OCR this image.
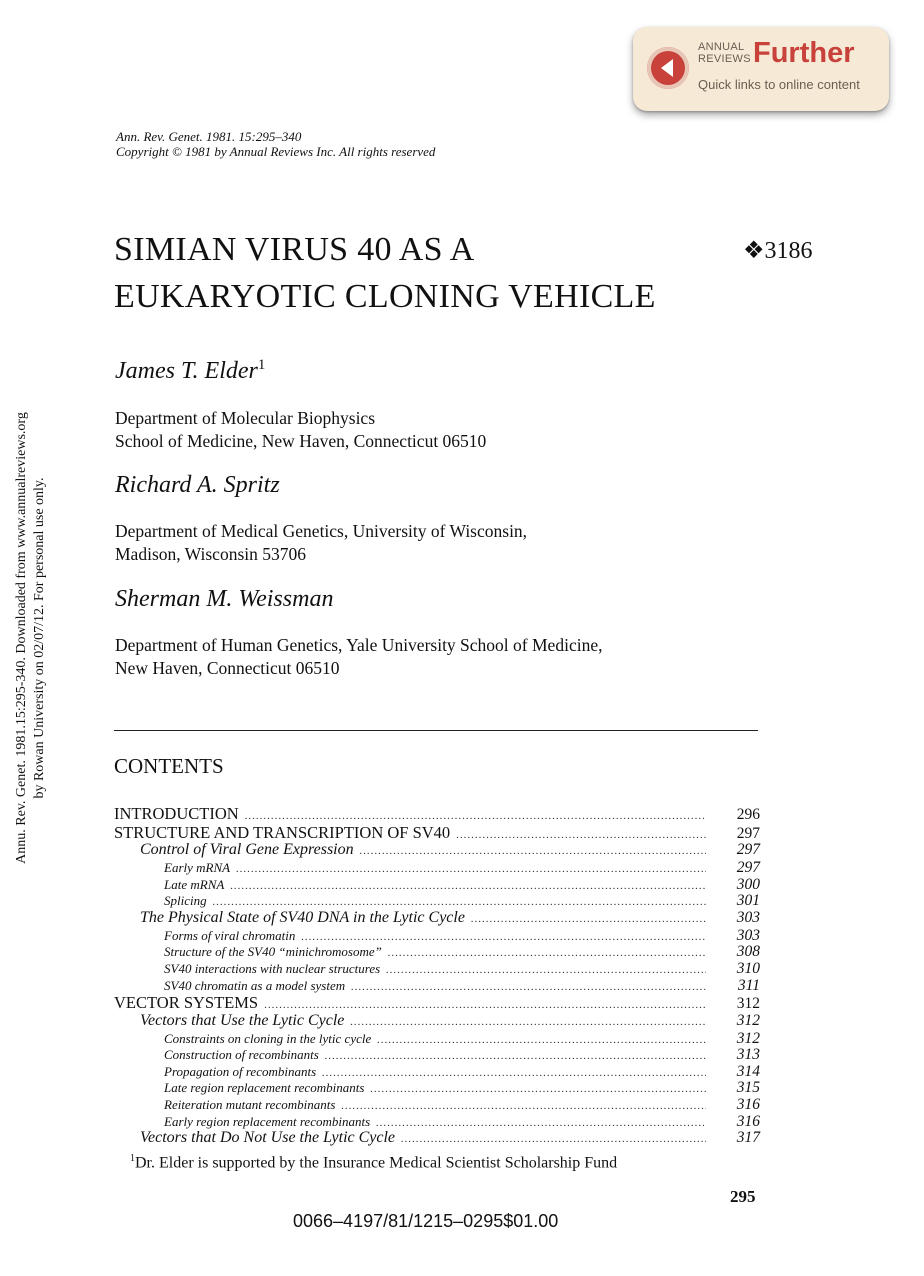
ANNUAL
REVIEWS Further
Quick links to online content
Annu. Rev. Genet. 1981.15:295-340. Downloaded from www.annualreviews.org by Rowan University on 02/07/12. For personal use only.
Ann. Rev. Genet. 1981. 15:295–340
Copyright © 1981 by Annual Reviews Inc. All rights reserved
SIMIAN VIRUS 40 AS A
EUKARYOTIC CLONING VEHICLE
❖3186
James T. Elder$^1$
Department of Molecular Biophysics
School of Medicine, New Haven, Connecticut 06510
Richard A. Spritz
Department of Medical Genetics, University of Wisconsin,
Madison, Wisconsin 53706
Sherman M. Weissman
Department of Human Genetics, Yale University School of Medicine,
New Haven, Connecticut 06510
CONTENTS
INTRODUCTION .....	296
STRUCTURE AND TRANSCRIPTION OF SV40 .....	297
Control of Viral Gene Expression .....	297
Early mRNA .....	297
Late mRNA .....	300
Splicing .....	301
The Physical State of SV40 DNA in the Lytic Cycle .....	303
Forms of viral chromatin .....	303
Structure of the SV40 “minichromosome” .....	308
SV40 interactions with nuclear structures .....	310
SV40 chromatin as a model system .....	311
VECTOR SYSTEMS .....	312
Vectors that Use the Lytic Cycle .....	312
Constraints on cloning in the lytic cycle .....	312
Construction of recombinants .....	313
Propagation of recombinants .....	314
Late region replacement recombinants .....	315
Reiteration mutant recombinants .....	316
Early region replacement recombinants .....	316
Vectors that Do Not Use the Lytic Cycle .....	317
$^1$Dr. Elder is supported by the Insurance Medical Scientist Scholarship Fund
295
0066–4197/81/1215–0295$01.00
